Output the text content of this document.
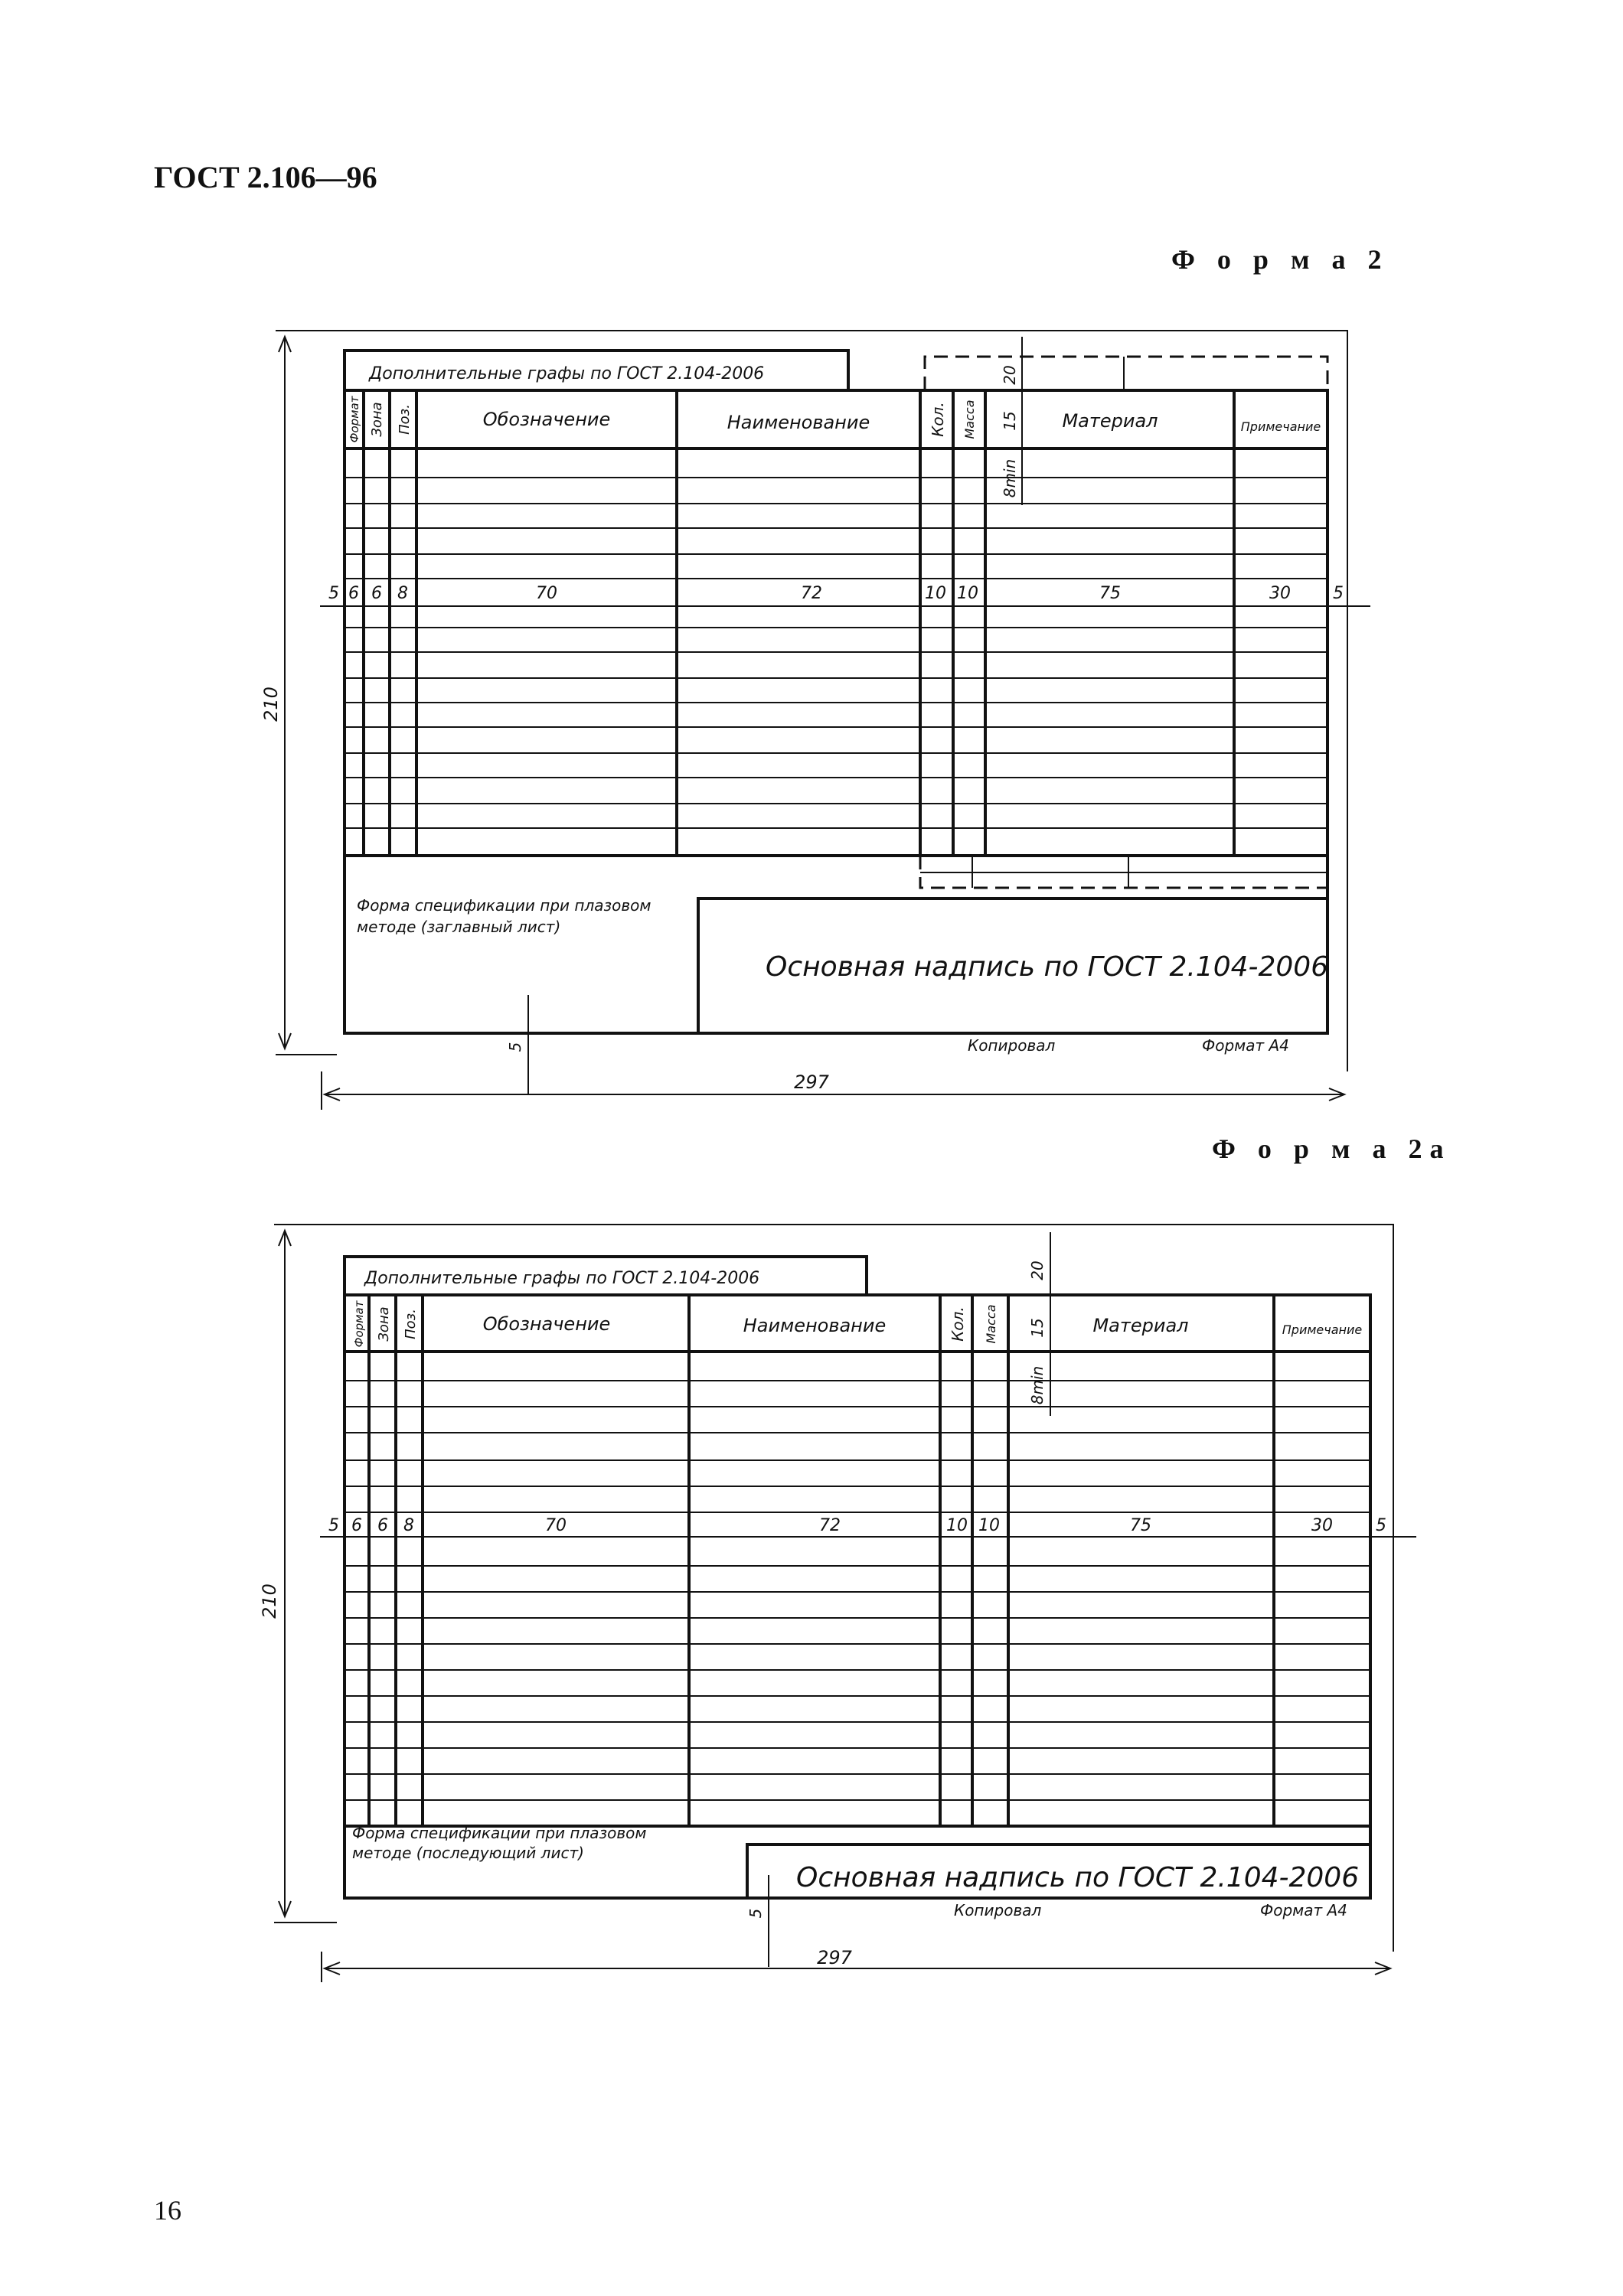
ГОСТ 2.106—96
Ф о р м а 2
Ф о р м а 2а
16
210
Дополнительные графы по ГОСТ 2.104-2006
Основная надпись по ГОСТ 2.104-2006
Форма спецификации при плазовом
методе (заглавный лист)
Формат Зона Поз.	Обозначение	Наименование	Кол. Масса	Материал	Примечание
20
15
8min
5 6 6 8	70	72	10 10	75	30	5
5	Копировал	Формат А4
297
210
Дополнительные графы по ГОСТ 2.104-2006
Основная надпись по ГОСТ 2.104-2006
Форма спецификации при плазовом
методе (последующий лист)
Формат Зона Поз.	Обозначение	Наименование	Кол. Масса	Материал	Примечание
20
15
8min
5 6 6 8	70	72	10 10	75	30	5
5	Копировал	Формат А4
297
